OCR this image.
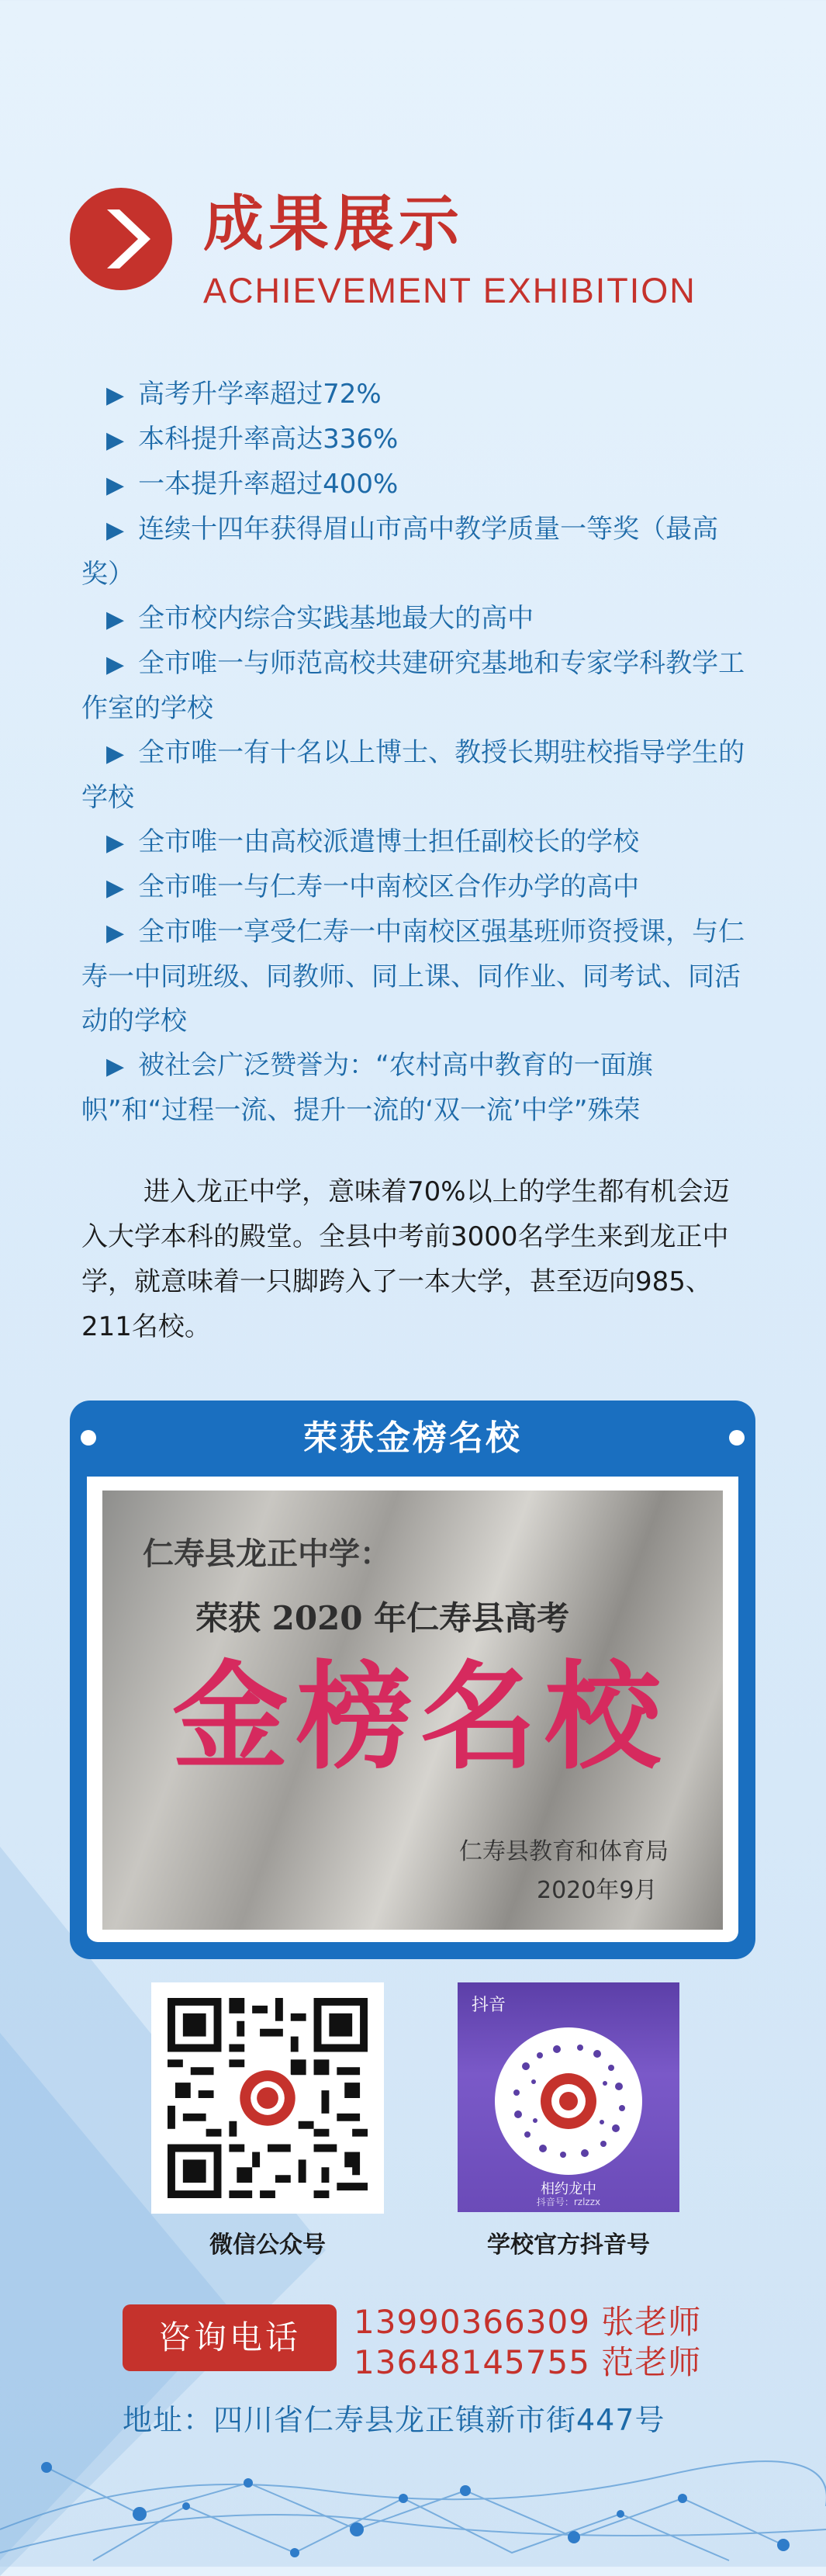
成果展示
ACHIEVEMENT EXHIBITION
▶ 高考升学率超过72%
▶ 本科提升率高达336%
▶ 一本提升率超过400%
▶ 连续十四年获得眉山市高中教学质量一等奖（最高奖）
▶ 全市校内综合实践基地最大的高中
▶ 全市唯一与师范高校共建研究基地和专家学科教学工作室的学校
▶ 全市唯一有十名以上博士、教授长期驻校指导学生的学校
▶ 全市唯一由高校派遣博士担任副校长的学校
▶ 全市唯一与仁寿一中南校区合作办学的高中
▶ 全市唯一享受仁寿一中南校区强基班师资授课，与仁寿一中同班级、同教师、同上课、同作业、同考试、同活动的学校
▶ 被社会广泛赞誉为：“农村高中教育的一面旗帜”和“过程一流、提升一流的‘双一流’中学”殊荣
进入龙正中学，意味着70%以上的学生都有机会迈入大学本科的殿堂。全县中考前3000名学生来到龙正中学，就意味着一只脚跨入了一本大学，甚至迈向985、211名校。
荣获金榜名校
仁寿县龙正中学：
荣获 2020 年仁寿县高考
金榜名校
仁寿县教育和体育局
2020年9月
抖音
相约龙中
抖音号：rzlzzx
微信公众号	学校官方抖音号
咨询电话	13990366309 张老师
13648145755 范老师
地址：四川省仁寿县龙正镇新市街447号
